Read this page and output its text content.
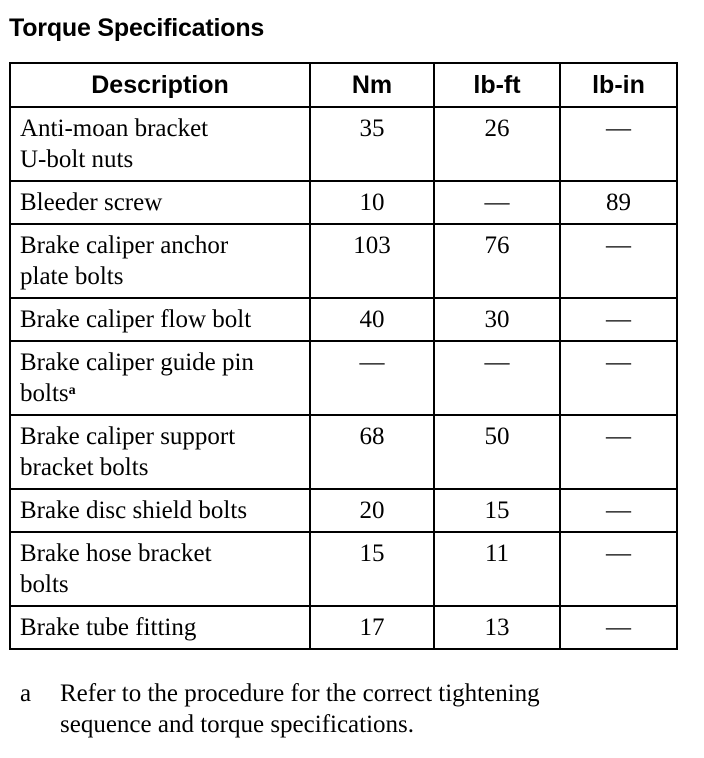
Torque Specifications
Description	Nm	lb-ft	lb-in

Anti-moan bracket
U-bolt nuts	35	26	—

Bleeder screw	10	—	89

Brake caliper anchor
plate bolts	103	76	—

Brake caliper flow bolt	40	30	—

Brake caliper guide pin
bolts$^a$	—	—	—

Brake caliper support
bracket bolts	68	50	—

Brake disc shield bolts	20	15	—

Brake hose bracket
bolts	15	11	—

Brake tube fitting	17	13	—
a	Refer to the procedure for the correct tightening
sequence and torque specifications.
